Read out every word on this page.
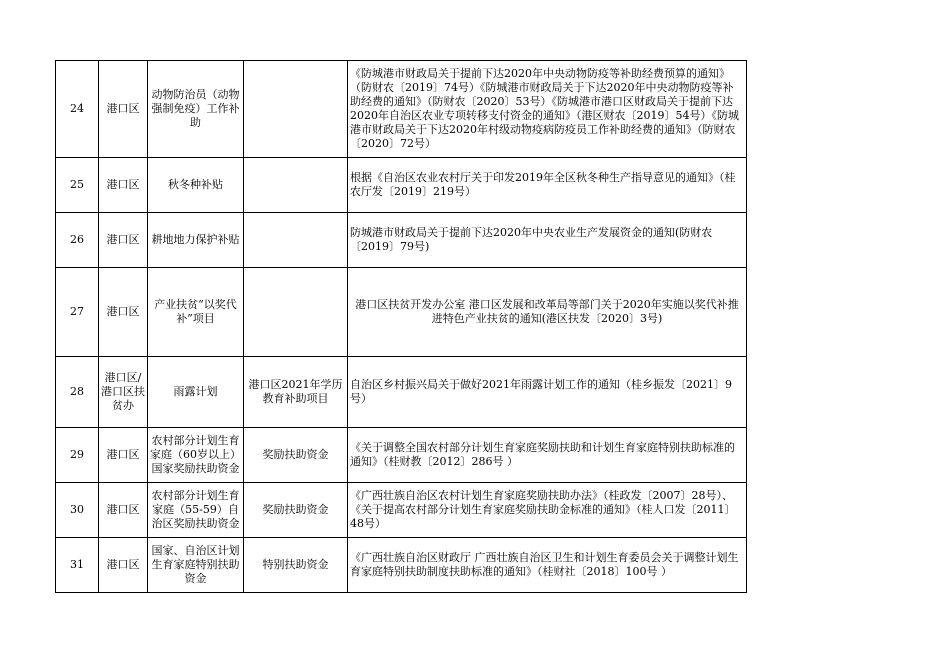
24	港口区	动物防治员（动物强制免疫）工作补助		《防城港市财政局关于提前下达2020年中央动物防疫等补助经费预算的通知》（防财农〔2019〕74号）《防城港市财政局关于下达2020年中央动物防疫等补助经费的通知》（防财农〔2020〕53号）《防城港市港口区财政局关于提前下达2020年自治区农业专项转移支付资金的通知》（港区财农〔2019〕54号）《防城港市财政局关于下达2020年村级动物疫病防疫员工作补助经费的通知》（防财农〔2020〕72号）
25	港口区	秋冬种补贴		根据《自治区农业农村厅关于印发2019年全区秋冬种生产指导意见的通知》（桂农厅发〔2019〕219号）
26	港口区	耕地地力保护补贴		防城港市财政局关于提前下达2020年中央农业生产发展资金的通知(防财农〔2019〕79号)
27	港口区	产业扶贫“以奖代补”项目		港口区扶贫开发办公室 港口区发展和改革局等部门关于2020年实施以奖代补推进特色产业扶贫的通知(港区扶发〔2020〕3号)
28	港口区/港口区扶贫办	雨露计划	港口区2021年学历教育补助项目	自治区乡村振兴局关于做好2021年雨露计划工作的通知（桂乡振发〔2021〕9号）
29	港口区	农村部分计划生育家庭（60岁以上）国家奖励扶助资金	奖励扶助资金	《关于调整全国农村部分计划生育家庭奖励扶助和计划生育家庭特别扶助标准的通知》（桂财教〔2012〕286号 ）
30	港口区	农村部分计划生育家庭（55-59）自治区奖励扶助资金	奖励扶助资金	《广西壮族自治区农村计划生育家庭奖励扶助办法》（桂政发〔2007〕28号）、《关于提高农村部分计划生育家庭奖励扶助金标准的通知》（桂人口发〔2011〕48号）
31	港口区	国家、自治区计划生育家庭特别扶助资金	特别扶助资金	《广西壮族自治区财政厅 广西壮族自治区卫生和计划生育委员会关于调整计划生育家庭特别扶助制度扶助标准的通知》（桂财社〔2018〕100号 ）
